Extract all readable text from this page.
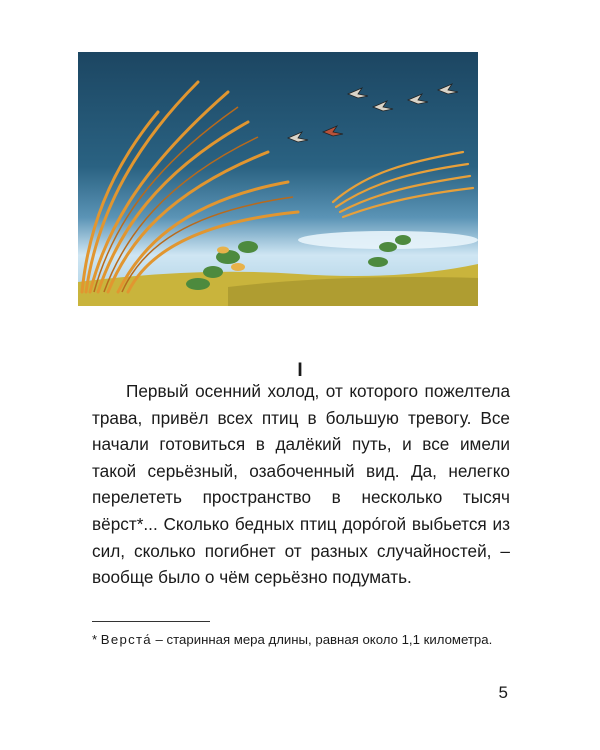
I

Первый осенний холод, от которого пожелтела трава, привёл всех птиц в большую тревогу. Все начали готовиться в далёкий путь, и все имели такой серьёзный, озабоченный вид. Да, нелегко перелететь пространство в несколько тысяч вёрст*... Сколько бедных птиц доро́гой выбьется из сил, сколько погибнет от разных случайностей, – вообще было о чём серьёзно подумать.

* Верста́ – старинная мера длины, равная около 1,1 километра.
5
